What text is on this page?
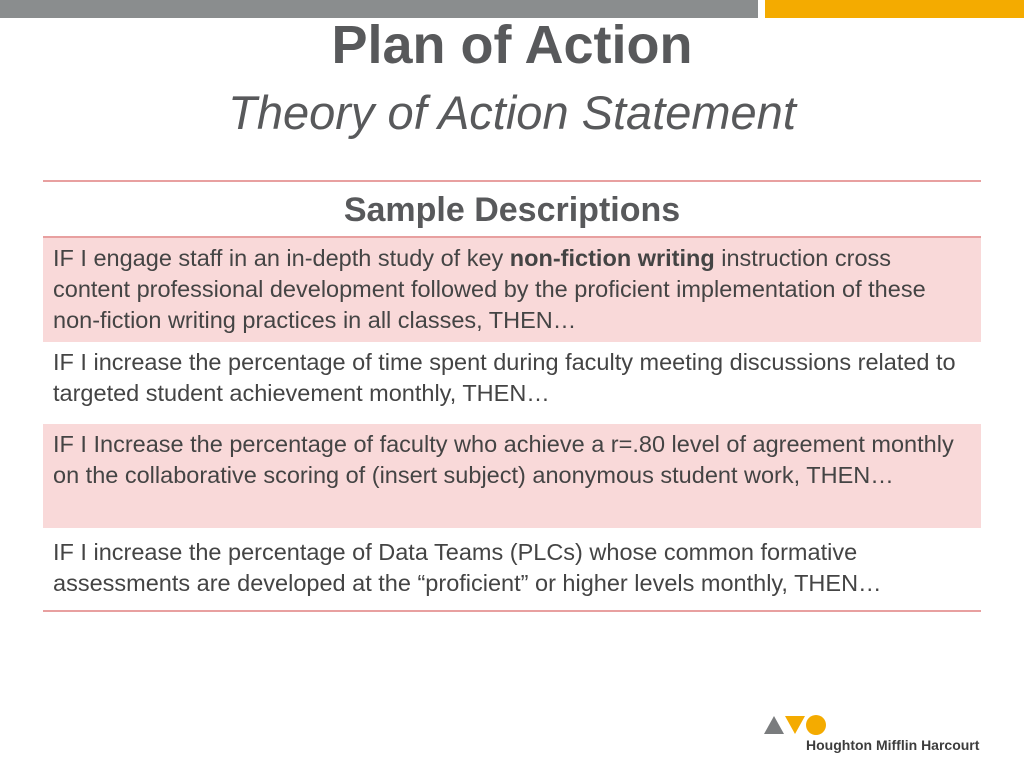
Plan of Action
Theory of Action Statement
Sample Descriptions
IF I engage staff in an in-depth study of key non-fiction writing instruction cross content professional development followed by the proficient implementation of these non-fiction writing practices in all classes, THEN…
IF I increase the percentage of time spent during faculty meeting discussions related to targeted student achievement monthly, THEN…
IF I Increase the percentage of faculty who achieve a r=.80 level of agreement monthly on the collaborative scoring of (insert subject) anonymous student work, THEN…
IF I increase the percentage of Data Teams (PLCs) whose common formative assessments are developed at the “proficient” or higher levels monthly, THEN…
Houghton Mifflin Harcourt
